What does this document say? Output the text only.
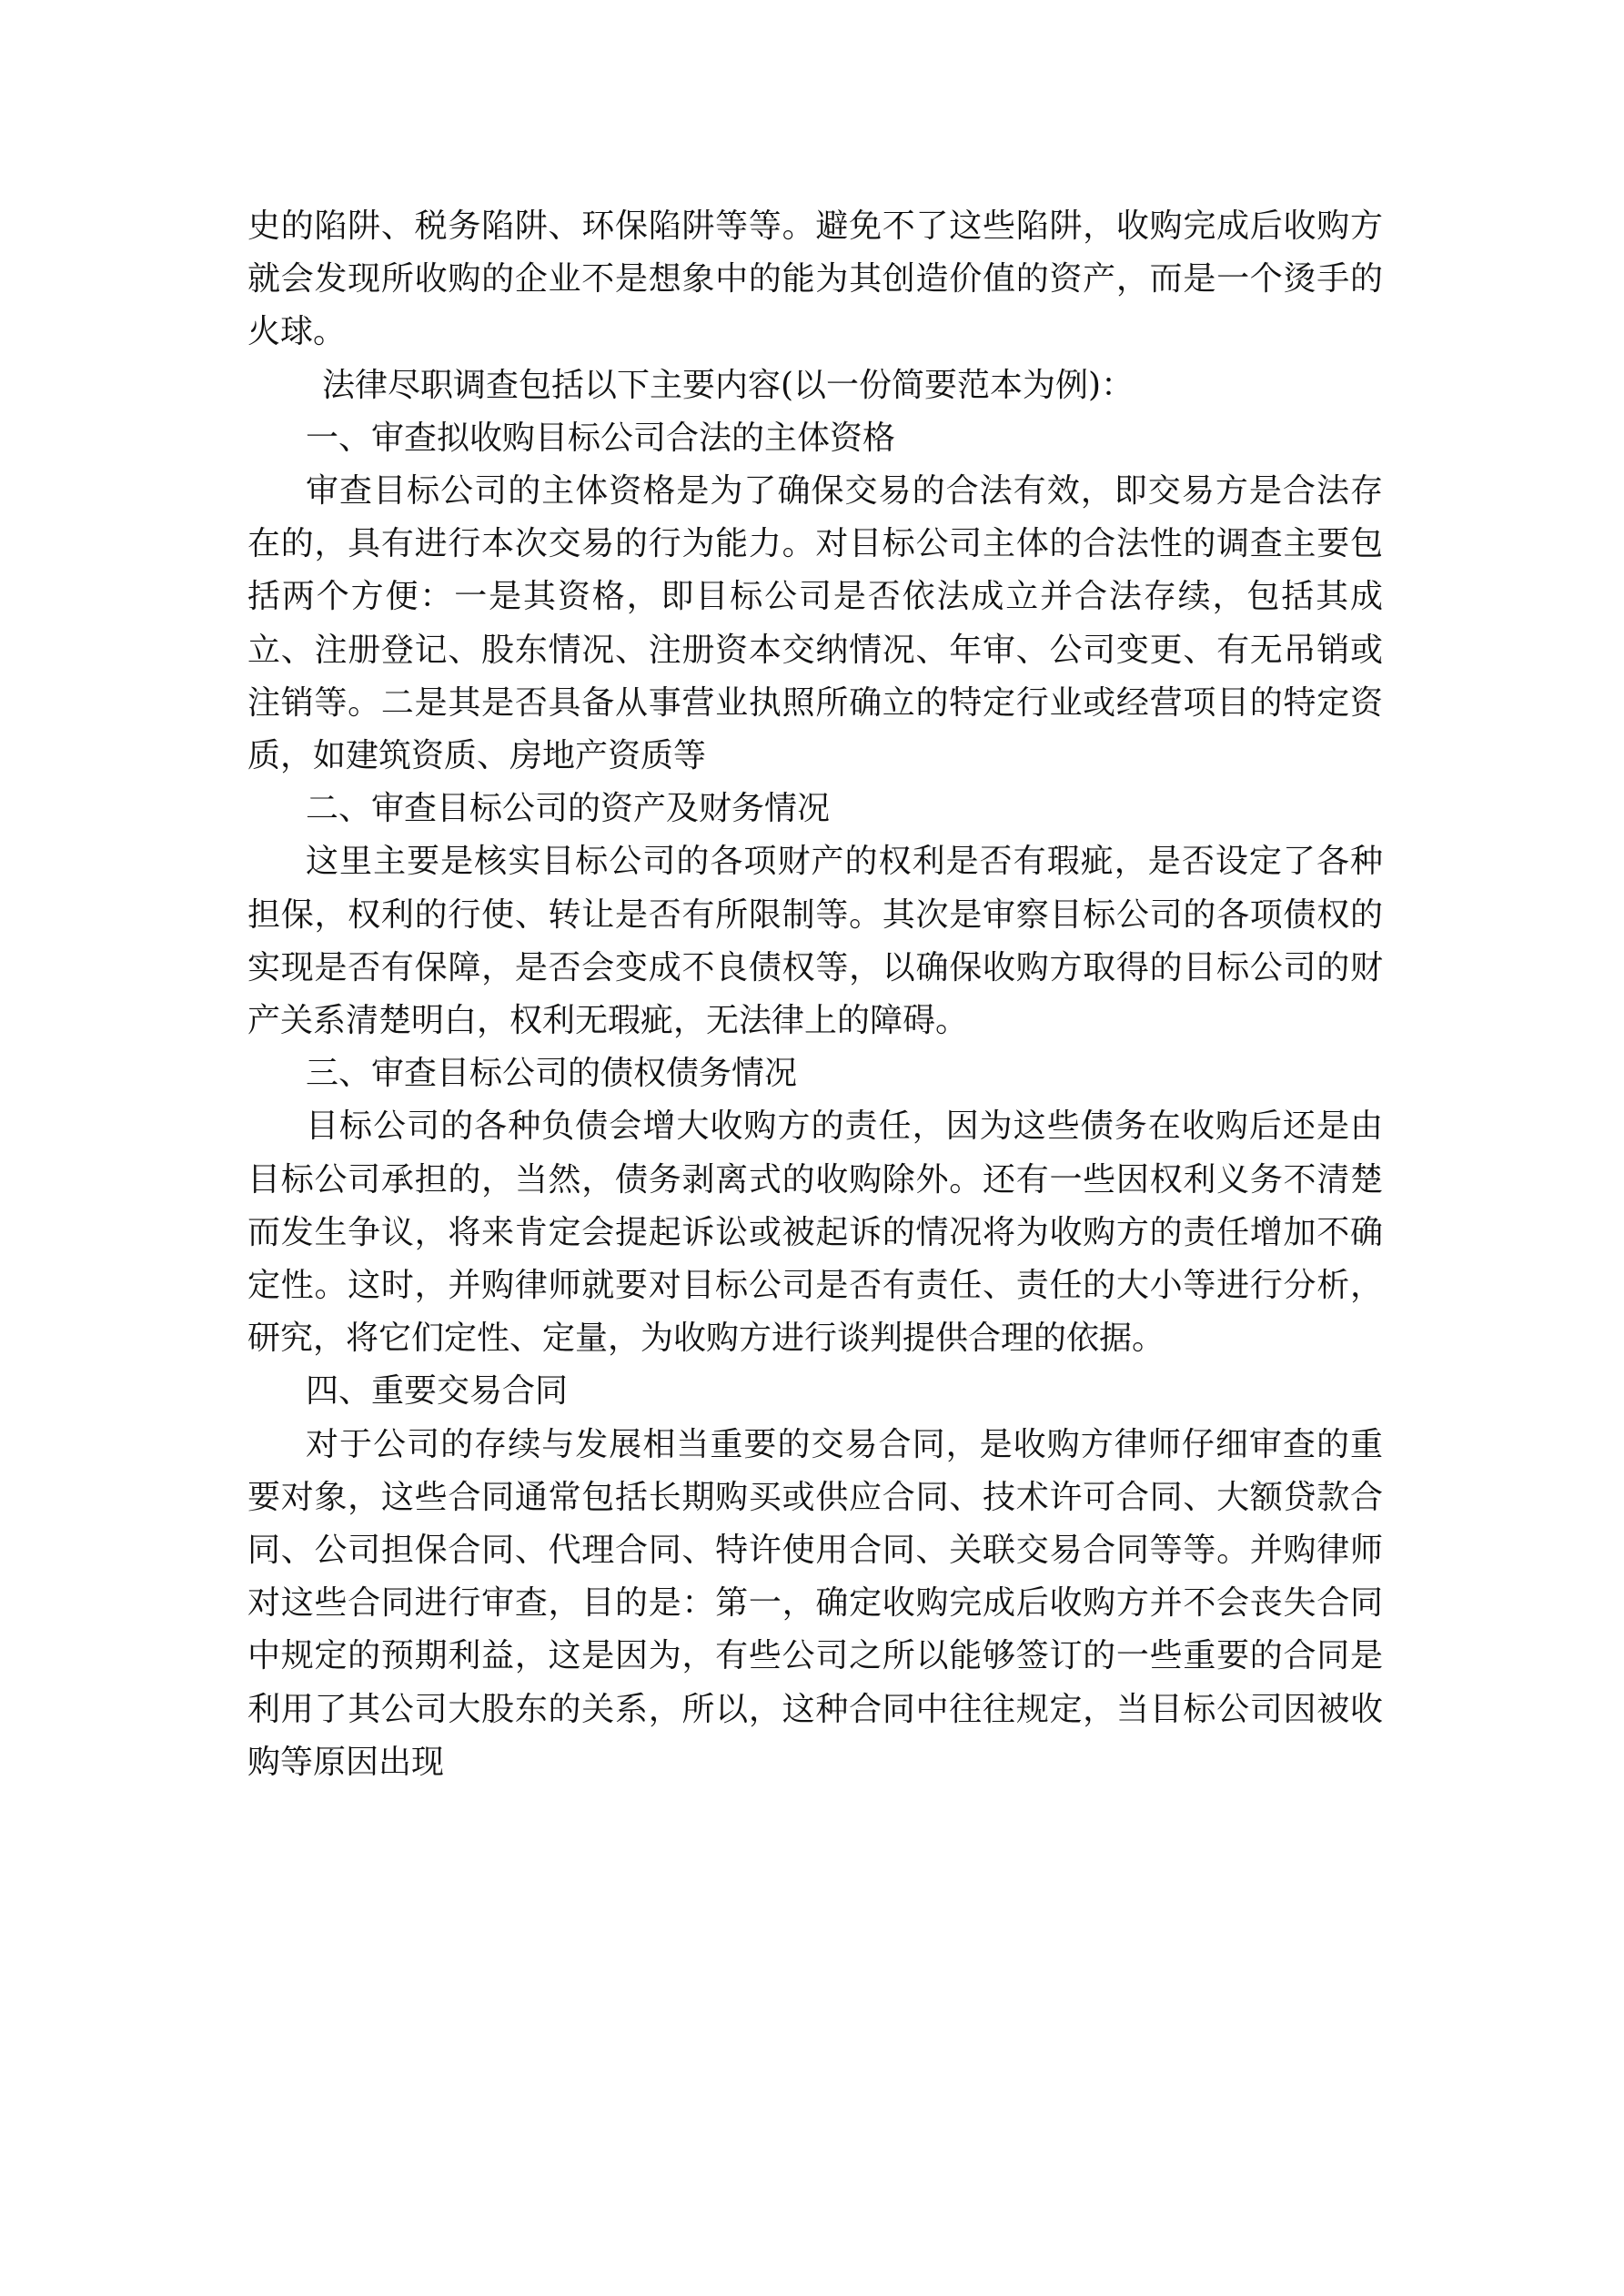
史的陷阱、税务陷阱、环保陷阱等等。避免不了这些陷阱，收购完成后收购方就会发现所收购的企业不是想象中的能为其创造价值的资产，而是一个烫手的火球。

法律尽职调查包括以下主要内容(以一份简要范本为例)：

一、审查拟收购目标公司合法的主体资格

审查目标公司的主体资格是为了确保交易的合法有效，即交易方是合法存在的，具有进行本次交易的行为能力。对目标公司主体的合法性的调查主要包括两个方便：一是其资格，即目标公司是否依法成立并合法存续，包括其成立、注册登记、股东情况、注册资本交纳情况、年审、公司变更、有无吊销或注销等。二是其是否具备从事营业执照所确立的特定行业或经营项目的特定资质，如建筑资质、房地产资质等

二、审查目标公司的资产及财务情况

这里主要是核实目标公司的各项财产的权利是否有瑕疵，是否设定了各种担保，权利的行使、转让是否有所限制等。其次是审察目标公司的各项债权的实现是否有保障，是否会变成不良债权等，以确保收购方取得的目标公司的财产关系清楚明白，权利无瑕疵，无法律上的障碍。

三、审查目标公司的债权债务情况

目标公司的各种负债会增大收购方的责任，因为这些债务在收购后还是由目标公司承担的，当然，债务剥离式的收购除外。还有一些因权利义务不清楚而发生争议，将来肯定会提起诉讼或被起诉的情况将为收购方的责任增加不确定性。这时，并购律师就要对目标公司是否有责任、责任的大小等进行分析，研究，将它们定性、定量，为收购方进行谈判提供合理的依据。

四、重要交易合同

对于公司的存续与发展相当重要的交易合同，是收购方律师仔细审查的重要对象，这些合同通常包括长期购买或供应合同、技术许可合同、大额贷款合同、公司担保合同、代理合同、特许使用合同、关联交易合同等等。并购律师对这些合同进行审查，目的是：第一，确定收购完成后收购方并不会丧失合同中规定的预期利益，这是因为，有些公司之所以能够签订的一些重要的合同是利用了其公司大股东的关系，所以，这种合同中往往规定，当目标公司因被收购等原因出现
